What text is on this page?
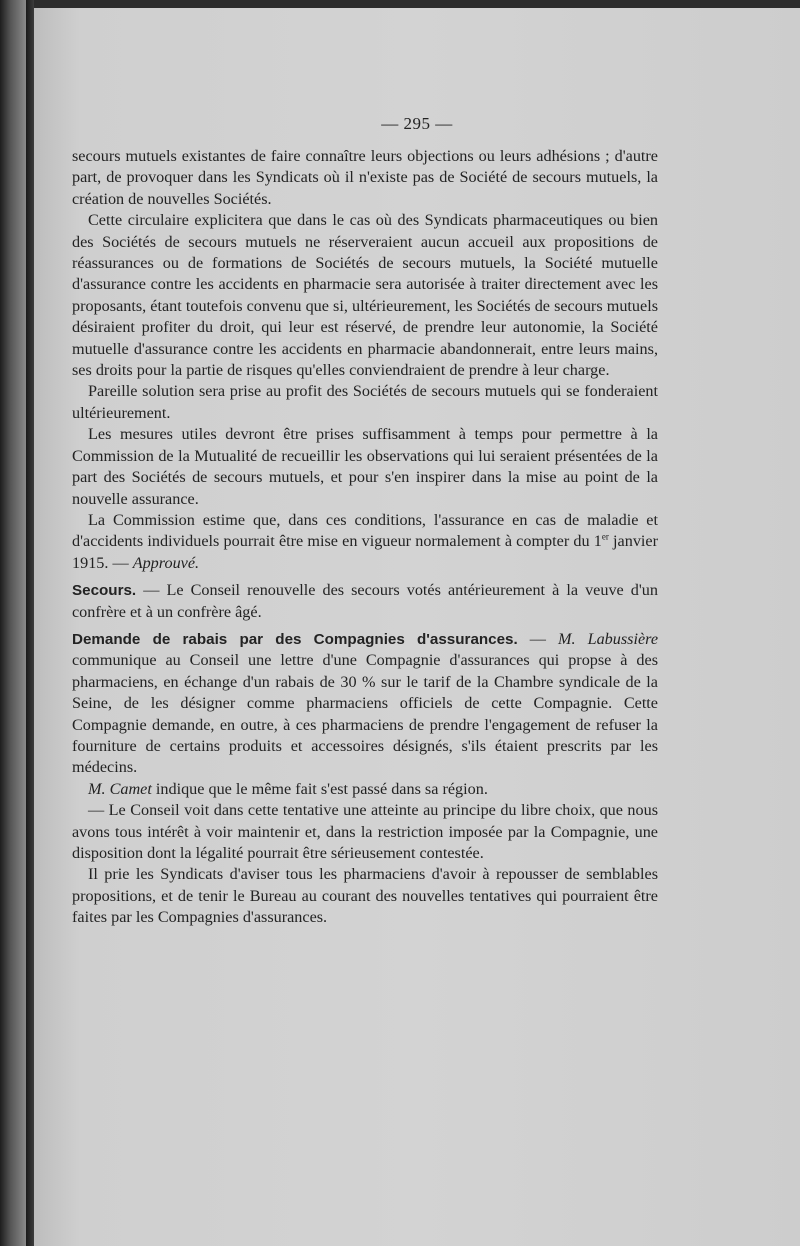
— 295 —

secours mutuels existantes de faire connaître leurs objections ou leurs adhésions ; d'autre part, de provoquer dans les Syndicats où il n'existe pas de Société de secours mutuels, la création de nouvelles Sociétés.

Cette circulaire explicitera que dans le cas où des Syndicats pharmaceutiques ou bien des Sociétés de secours mutuels ne réserveraient aucun accueil aux propositions de réassurances ou de formations de Sociétés de secours mutuels, la Société mutuelle d'assurance contre les accidents en pharmacie sera autorisée à traiter directement avec les proposants, étant toutefois convenu que si, ultérieurement, les Sociétés de secours mutuels désiraient profiter du droit, qui leur est réservé, de prendre leur autonomie, la Société mutuelle d'assurance contre les accidents en pharmacie abandonnerait, entre leurs mains, ses droits pour la partie de risques qu'elles conviendraient de prendre à leur charge.

Pareille solution sera prise au profit des Sociétés de secours mutuels qui se fonderaient ultérieurement.

Les mesures utiles devront être prises suffisamment à temps pour permettre à la Commission de la Mutualité de recueillir les observations qui lui seraient présentées de la part des Sociétés de secours mutuels, et pour s'en inspirer dans la mise au point de la nouvelle assurance.

La Commission estime que, dans ces conditions, l'assurance en cas de maladie et d'accidents individuels pourrait être mise en vigueur normalement à compter du 1er janvier 1915. — Approuvé.

Secours. — Le Conseil renouvelle des secours votés antérieurement à la veuve d'un confrère et à un confrère âgé.

Demande de rabais par des Compagnies d'assurances. — M. Labussière communique au Conseil une lettre d'une Compagnie d'assurances qui propse à des pharmaciens, en échange d'un rabais de 30 % sur le tarif de la Chambre syndicale de la Seine, de les désigner comme pharmaciens officiels de cette Compagnie. Cette Compagnie demande, en outre, à ces pharmaciens de prendre l'engagement de refuser la fourniture de certains produits et accessoires désignés, s'ils étaient prescrits par les médecins.

M. Camet indique que le même fait s'est passé dans sa région.

— Le Conseil voit dans cette tentative une atteinte au principe du libre choix, que nous avons tous intérêt à voir maintenir et, dans la restriction imposée par la Compagnie, une disposition dont la légalité pourrait être sérieusement contestée.

Il prie les Syndicats d'aviser tous les pharmaciens d'avoir à repousser de semblables propositions, et de tenir le Bureau au courant des nouvelles tentatives qui pourraient être faites par les Compagnies d'assurances.
